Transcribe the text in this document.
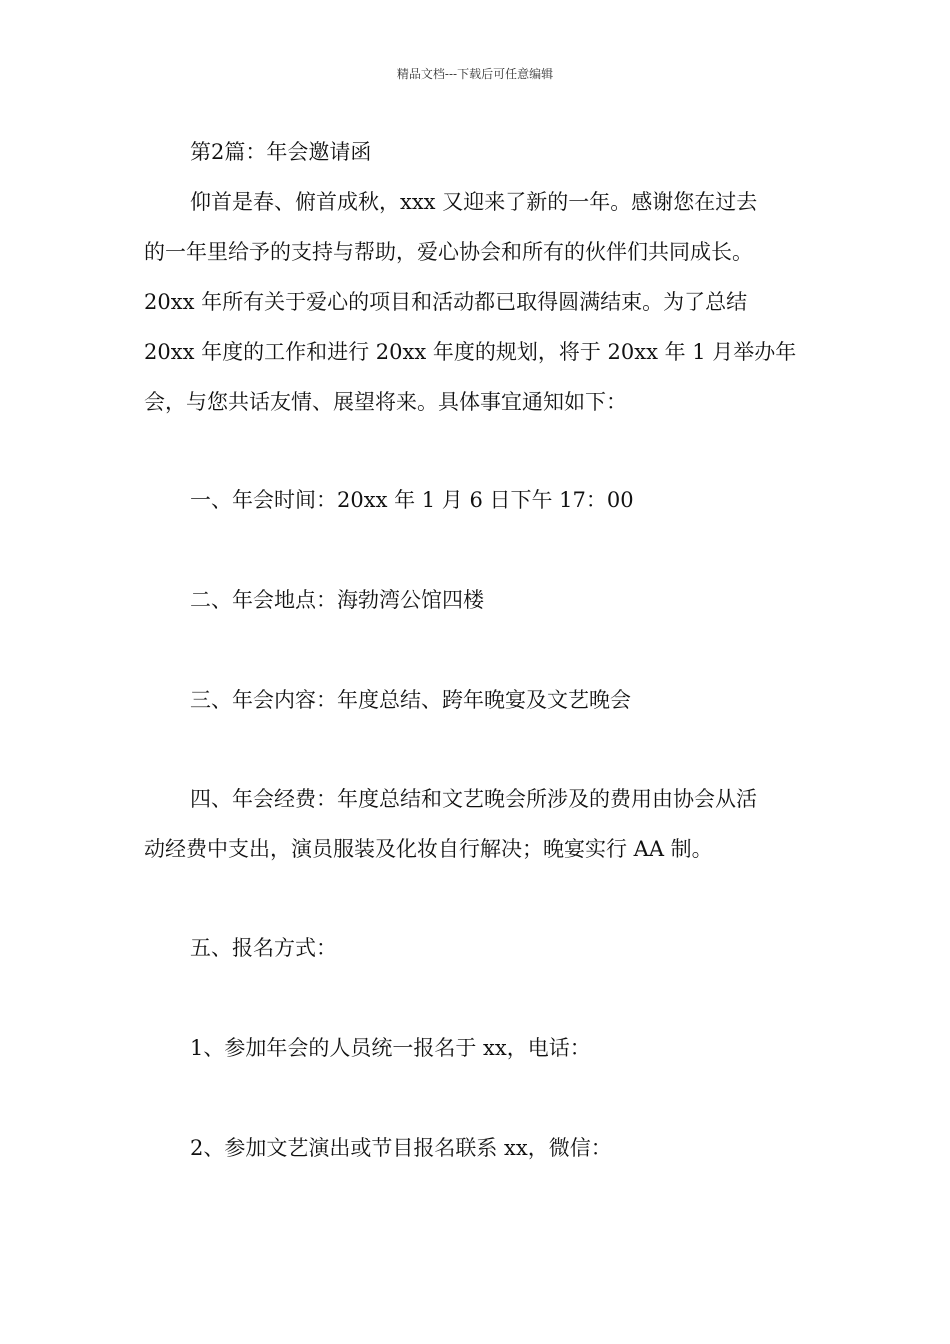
精品文档---下载后可任意编辑
第2篇：年会邀请函
仰首是春、俯首成秋，xxx 又迎来了新的一年。感谢您在过去
的一年里给予的支持与帮助，爱心协会和所有的伙伴们共同成长。
20xx 年所有关于爱心的项目和活动都已取得圆满结束。为了总结
20xx 年度的工作和进行 20xx 年度的规划，将于 20xx 年 1 月举办年
会，与您共话友情、展望将来。具体事宜通知如下：
一、年会时间：20xx 年 1 月 6 日下午 17：00
二、年会地点：海勃湾公馆四楼
三、年会内容：年度总结、跨年晚宴及文艺晚会
四、年会经费：年度总结和文艺晚会所涉及的费用由协会从活
动经费中支出，演员服装及化妆自行解决；晚宴实行 AA 制。
五、报名方式：
1、参加年会的人员统一报名于 xx，电话：
2、参加文艺演出或节目报名联系 xx，微信：
